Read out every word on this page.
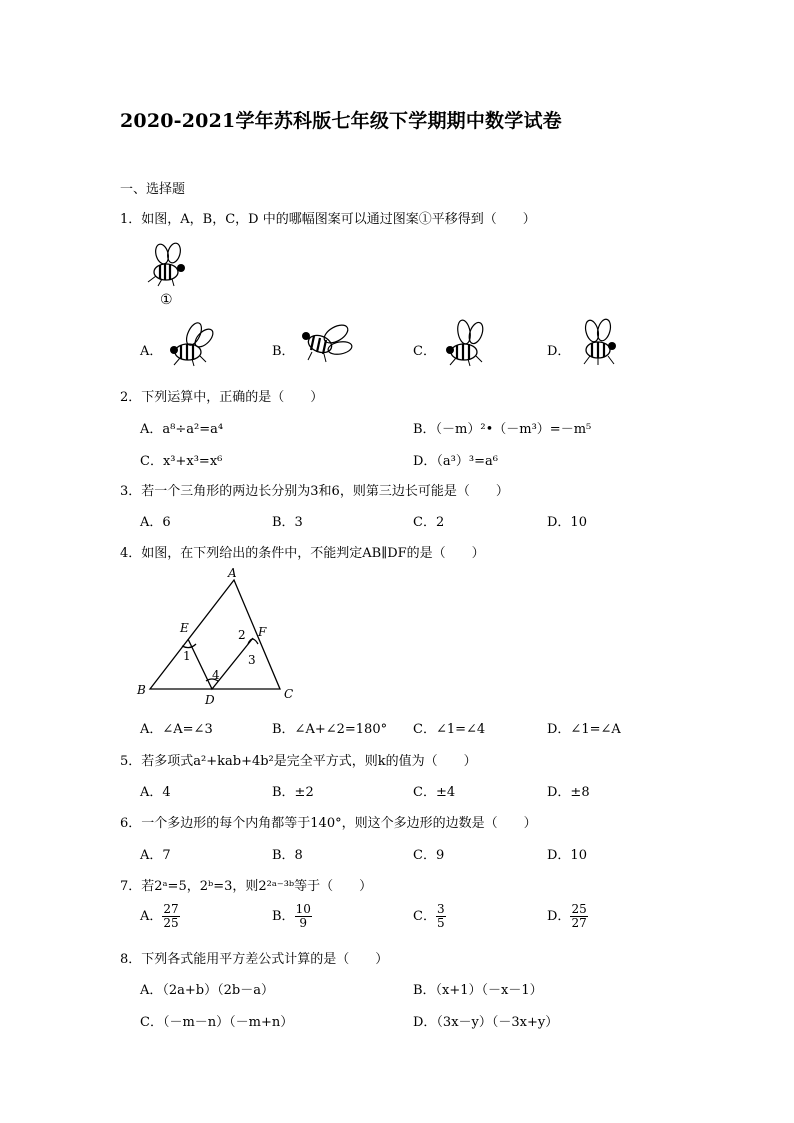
2020-2021学年苏科版七年级下学期期中数学试卷
一、选择题
1．如图，A，B，C，D 中的哪幅图案可以通过图案①平移得到（　　）
①
A．	B．	C．	D．
2．下列运算中，正确的是（　　）
A．a⁸÷a²=a⁴	B．（－m）²•（－m³）=－m⁵
C．x³+x³=x⁶	D．（a³）³=a⁶
3．若一个三角形的两边长分别为3和6，则第三边长可能是（　　）
A．6	B．3	C．2	D．10
4．如图，在下列给出的条件中，不能判定AB∥DF的是（　　）
A
B	C
D
E	F
1
2
3
4
A．∠A=∠3	B．∠A+∠2=180° C．∠1=∠4	D．∠1=∠A
5．若多项式a²+kab+4b²是完全平方式，则k的值为（　　）
A．4	B．±2	C．±4	D．±8
6．一个多边形的每个内角都等于140°，则这个多边形的边数是（　　）
A．7	B．8	C．9	D．10
7．若2ᵃ=5，2ᵇ=3，则2²ᵃ⁻³ᵇ等于（　　）
A． $\frac{27}{25}$	B． $\frac{10}{9}$	C． $\frac{3}{5}$	D． $\frac{25}{27}$
8．下列各式能用平方差公式计算的是（　　）
A．（2a+b）（2b－a）	B．（x+1）（－x－1）
C．（－m－n）（－m+n）	D．（3x－y）（－3x+y）
